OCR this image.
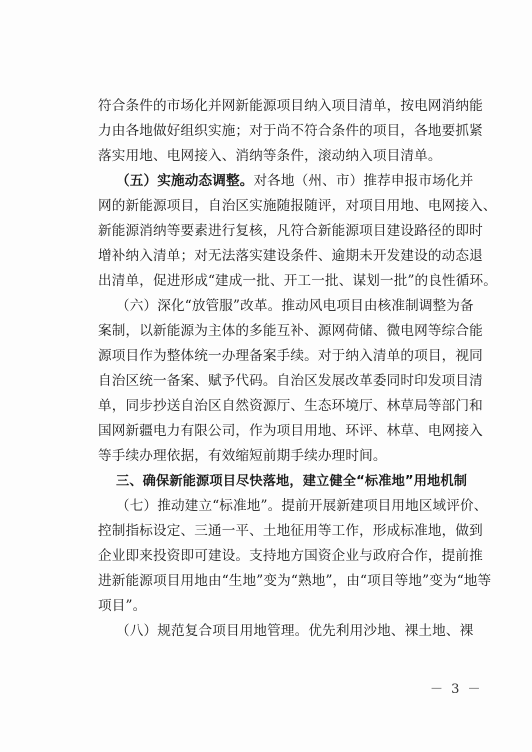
符合条件的市场化并网新能源项目纳入项目清单，按电网消纳能
力由各地做好组织实施；对于尚不符合条件的项目，各地要抓紧
落实用地、电网接入、消纳等条件，滚动纳入项目清单。
（五）实施动态调整。对各地（州、市）推荐申报市场化并
网的新能源项目，自治区实施随报随评，对项目用地、电网接入、
新能源消纳等要素进行复核，凡符合新能源项目建设路径的即时
增补纳入清单；对无法落实建设条件、逾期未开发建设的动态退
出清单，促进形成“建成一批、开工一批、谋划一批”的良性循环。
（六）深化“放管服”改革。推动风电项目由核准制调整为备
案制，以新能源为主体的多能互补、源网荷储、微电网等综合能
源项目作为整体统一办理备案手续。对于纳入清单的项目，视同
自治区统一备案、赋予代码。自治区发展改革委同时印发项目清
单，同步抄送自治区自然资源厅、生态环境厅、林草局等部门和
国网新疆电力有限公司，作为项目用地、环评、林草、电网接入
等手续办理依据，有效缩短前期手续办理时间。
三、确保新能源项目尽快落地，建立健全“标准地”用地机制
（七）推动建立“标准地”。提前开展新建项目用地区域评价、
控制指标设定、三通一平、土地征用等工作，形成标准地，做到
企业即来投资即可建设。支持地方国资企业与政府合作，提前推
进新能源项目用地由“生地”变为“熟地”，由“项目等地”变为“地等
项目”。
（八）规范复合项目用地管理。优先利用沙地、裸土地、裸
－ 3 －
